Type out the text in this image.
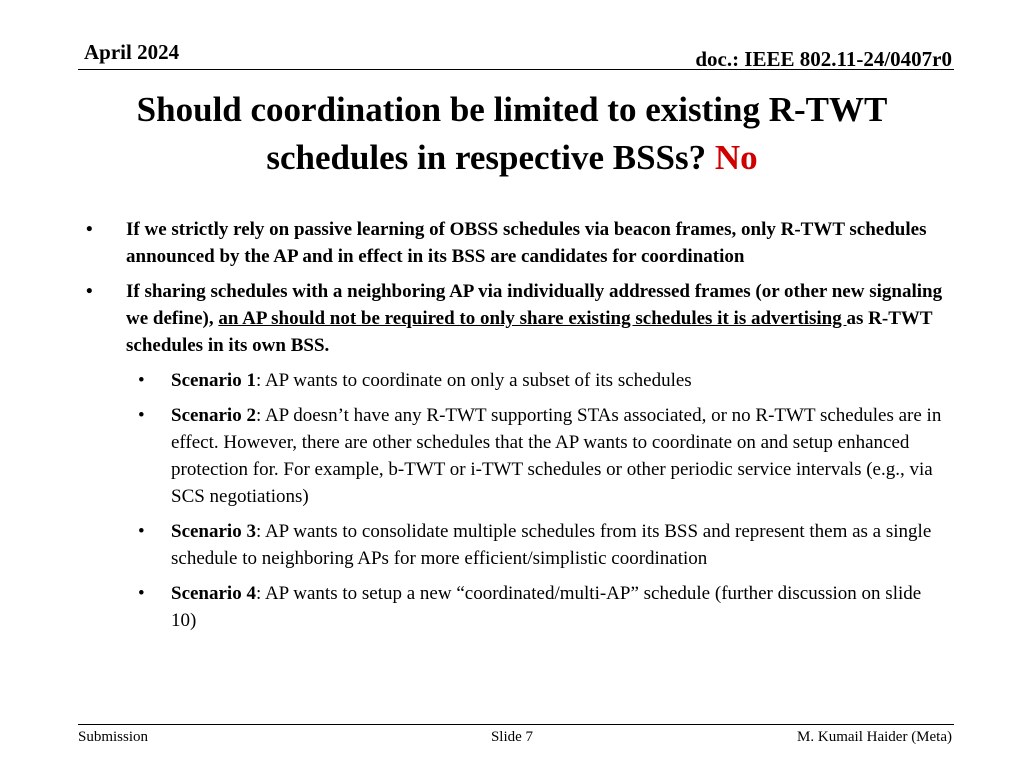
April 2024	doc.: IEEE 802.11-24/0407r0
Should coordination be limited to existing R-TWT schedules in respective BSSs? No
• If we strictly rely on passive learning of OBSS schedules via beacon frames, only R-TWT schedules announced by the AP and in effect in its BSS are candidates for coordination
• If sharing schedules with a neighboring AP via individually addressed frames (or other new signaling we define), an AP should not be required to only share existing schedules it is advertising as R-TWT schedules in its own BSS.
• Scenario 1: AP wants to coordinate on only a subset of its schedules
• Scenario 2: AP doesn’t have any R-TWT supporting STAs associated, or no R-TWT schedules are in effect. However, there are other schedules that the AP wants to coordinate on and setup enhanced protection for. For example, b-TWT or i-TWT schedules or other periodic service intervals (e.g., via SCS negotiations)
• Scenario 3: AP wants to consolidate multiple schedules from its BSS and represent them as a single schedule to neighboring APs for more efficient/simplistic coordination
• Scenario 4: AP wants to setup a new “coordinated/multi-AP” schedule (further discussion on slide 10)
Submission	Slide 7	M. Kumail Haider (Meta)
